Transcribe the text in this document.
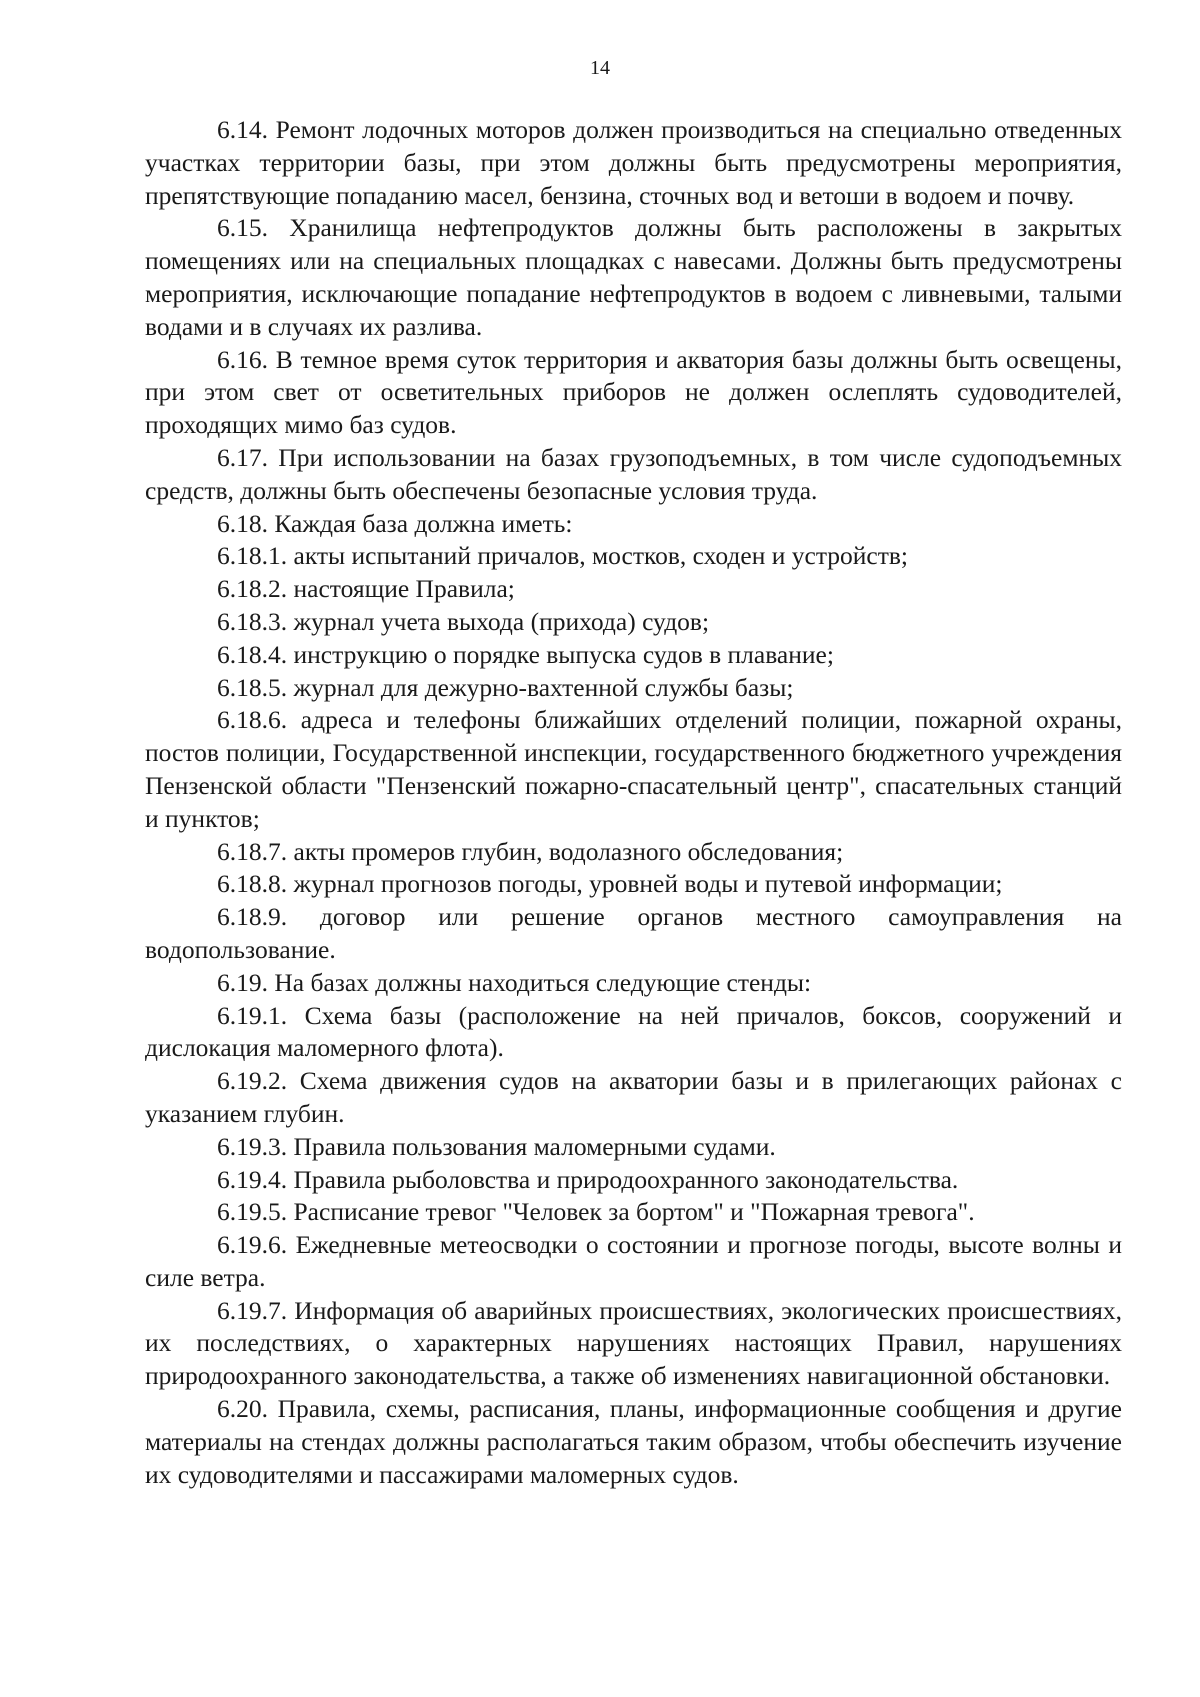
14

6.14. Ремонт лодочных моторов должен производиться на специально отведенных участках территории базы, при этом должны быть предусмотрены мероприятия, препятствующие попаданию масел, бензина, сточных вод и ветоши в водоем и почву.

6.15. Хранилища нефтепродуктов должны быть расположены в закрытых помещениях или на специальных площадках с навесами. Должны быть предусмотрены мероприятия, исключающие попадание нефтепродуктов в водоем с ливневыми, талыми водами и в случаях их разлива.

6.16. В темное время суток территория и акватория базы должны быть освещены, при этом свет от осветительных приборов не должен ослеплять судоводителей, проходящих мимо баз судов.

6.17. При использовании на базах грузоподъемных, в том числе судоподъемных средств, должны быть обеспечены безопасные условия труда.

6.18. Каждая база должна иметь:

6.18.1. акты испытаний причалов, мостков, сходен и устройств;

6.18.2. настоящие Правила;

6.18.3. журнал учета выхода (прихода) судов;

6.18.4. инструкцию о порядке выпуска судов в плавание;

6.18.5. журнал для дежурно-вахтенной службы базы;

6.18.6. адреса и телефоны ближайших отделений полиции, пожарной охраны, постов полиции, Государственной инспекции, государственного бюджетного учреждения Пензенской области "Пензенский пожарно-спасательный центр", спасательных станций и пунктов;

6.18.7. акты промеров глубин, водолазного обследования;

6.18.8. журнал прогнозов погоды, уровней воды и путевой информации;

6.18.9. договор или решение органов местного самоуправления на водопользование.

6.19. На базах должны находиться следующие стенды:

6.19.1. Схема базы (расположение на ней причалов, боксов, сооружений и дислокация маломерного флота).

6.19.2. Схема движения судов на акватории базы и в прилегающих районах с указанием глубин.

6.19.3. Правила пользования маломерными судами.

6.19.4. Правила рыболовства и природоохранного законодательства.

6.19.5. Расписание тревог "Человек за бортом" и "Пожарная тревога".

6.19.6. Ежедневные метеосводки о состоянии и прогнозе погоды, высоте волны и силе ветра.

6.19.7. Информация об аварийных происшествиях, экологических происшествиях, их последствиях, о характерных нарушениях настоящих Правил, нарушениях природоохранного законодательства, а также об изменениях навигационной обстановки.

6.20. Правила, схемы, расписания, планы, информационные сообщения и другие материалы на стендах должны располагаться таким образом, чтобы обеспечить изучение их судоводителями и пассажирами маломерных судов.
